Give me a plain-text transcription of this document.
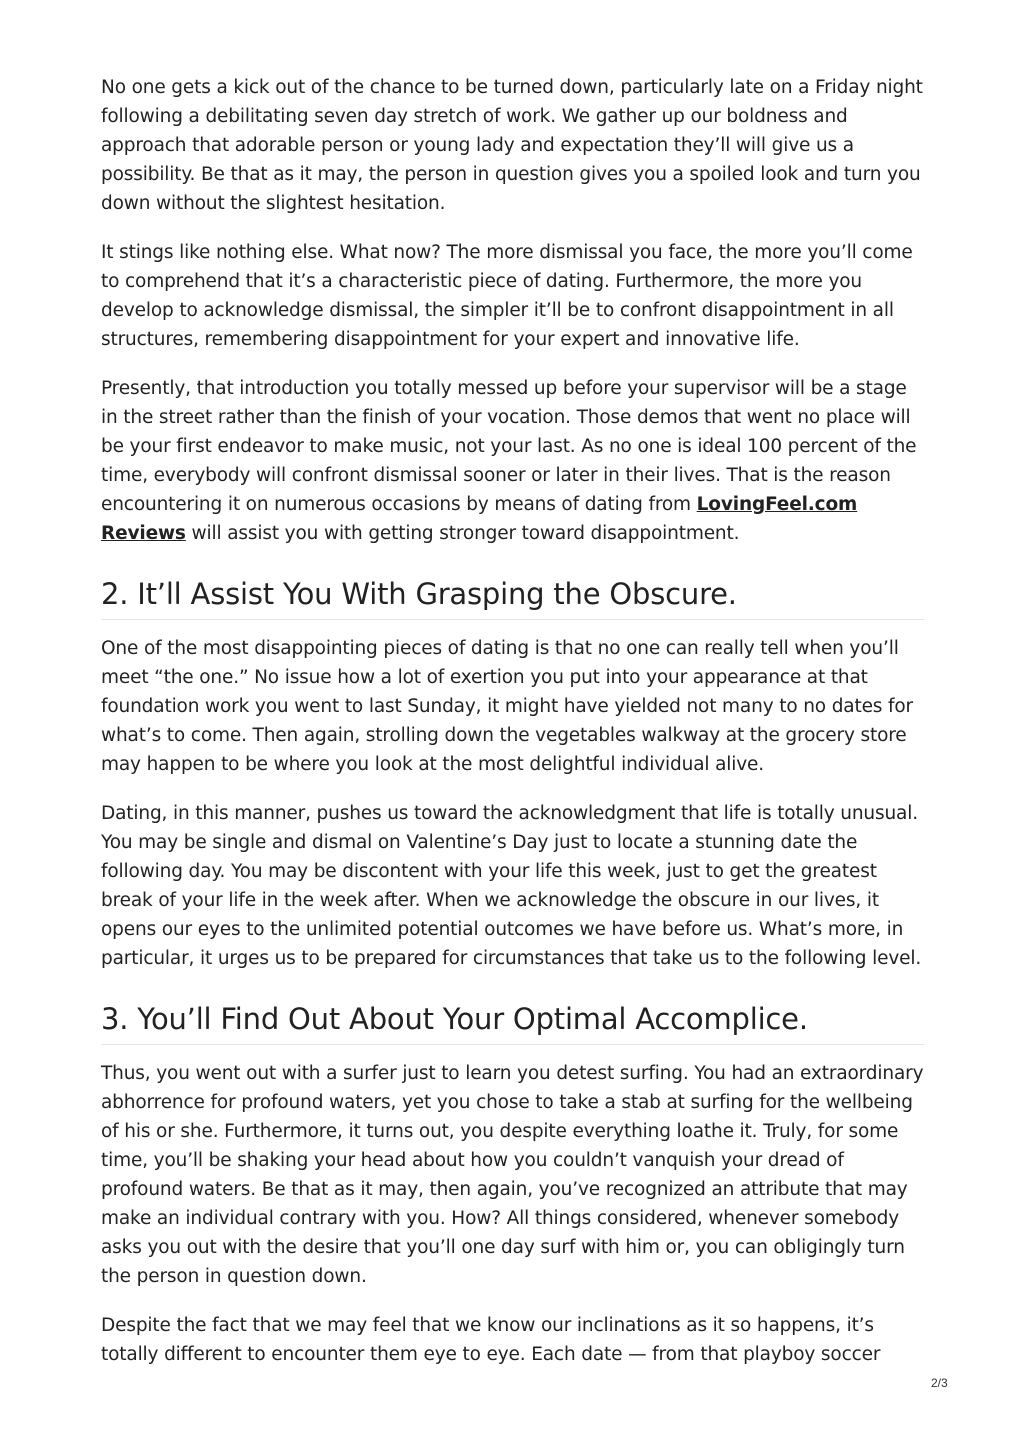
No one gets a kick out of the chance to be turned down, particularly late on a Friday night following a debilitating seven day stretch of work. We gather up our boldness and approach that adorable person or young lady and expectation they’ll will give us a possibility. Be that as it may, the person in question gives you a spoiled look and turn you down without the slightest hesitation.

It stings like nothing else. What now? The more dismissal you face, the more you’ll come to comprehend that it’s a characteristic piece of dating. Furthermore, the more you develop to acknowledge dismissal, the simpler it’ll be to confront disappointment in all structures, remembering disappointment for your expert and innovative life.

Presently, that introduction you totally messed up before your supervisor will be a stage in the street rather than the finish of your vocation. Those demos that went no place will be your first endeavor to make music, not your last. As no one is ideal 100 percent of the time, everybody will confront dismissal sooner or later in their lives. That is the reason encountering it on numerous occasions by means of dating from LovingFeel.com Reviews will assist you with getting stronger toward disappointment.

2. It’ll Assist You With Grasping the Obscure.

One of the most disappointing pieces of dating is that no one can really tell when you’ll meet “the one.” No issue how a lot of exertion you put into your appearance at that foundation work you went to last Sunday, it might have yielded not many to no dates for what’s to come. Then again, strolling down the vegetables walkway at the grocery store may happen to be where you look at the most delightful individual alive.

Dating, in this manner, pushes us toward the acknowledgment that life is totally unusual. You may be single and dismal on Valentine’s Day just to locate a stunning date the following day. You may be discontent with your life this week, just to get the greatest break of your life in the week after. When we acknowledge the obscure in our lives, it opens our eyes to the unlimited potential outcomes we have before us. What’s more, in particular, it urges us to be prepared for circumstances that take us to the following level.

3. You’ll Find Out About Your Optimal Accomplice.

Thus, you went out with a surfer just to learn you detest surfing. You had an extraordinary abhorrence for profound waters, yet you chose to take a stab at surfing for the wellbeing of his or she. Furthermore, it turns out, you despite everything loathe it. Truly, for some time, you’ll be shaking your head about how you couldn’t vanquish your dread of profound waters. Be that as it may, then again, you’ve recognized an attribute that may make an individual contrary with you. How? All things considered, whenever somebody asks you out with the desire that you’ll one day surf with him or, you can obligingly turn the person in question down.

Despite the fact that we may feel that we know our inclinations as it so happens, it’s totally different to encounter them eye to eye. Each date — from that playboy soccer

2/3
